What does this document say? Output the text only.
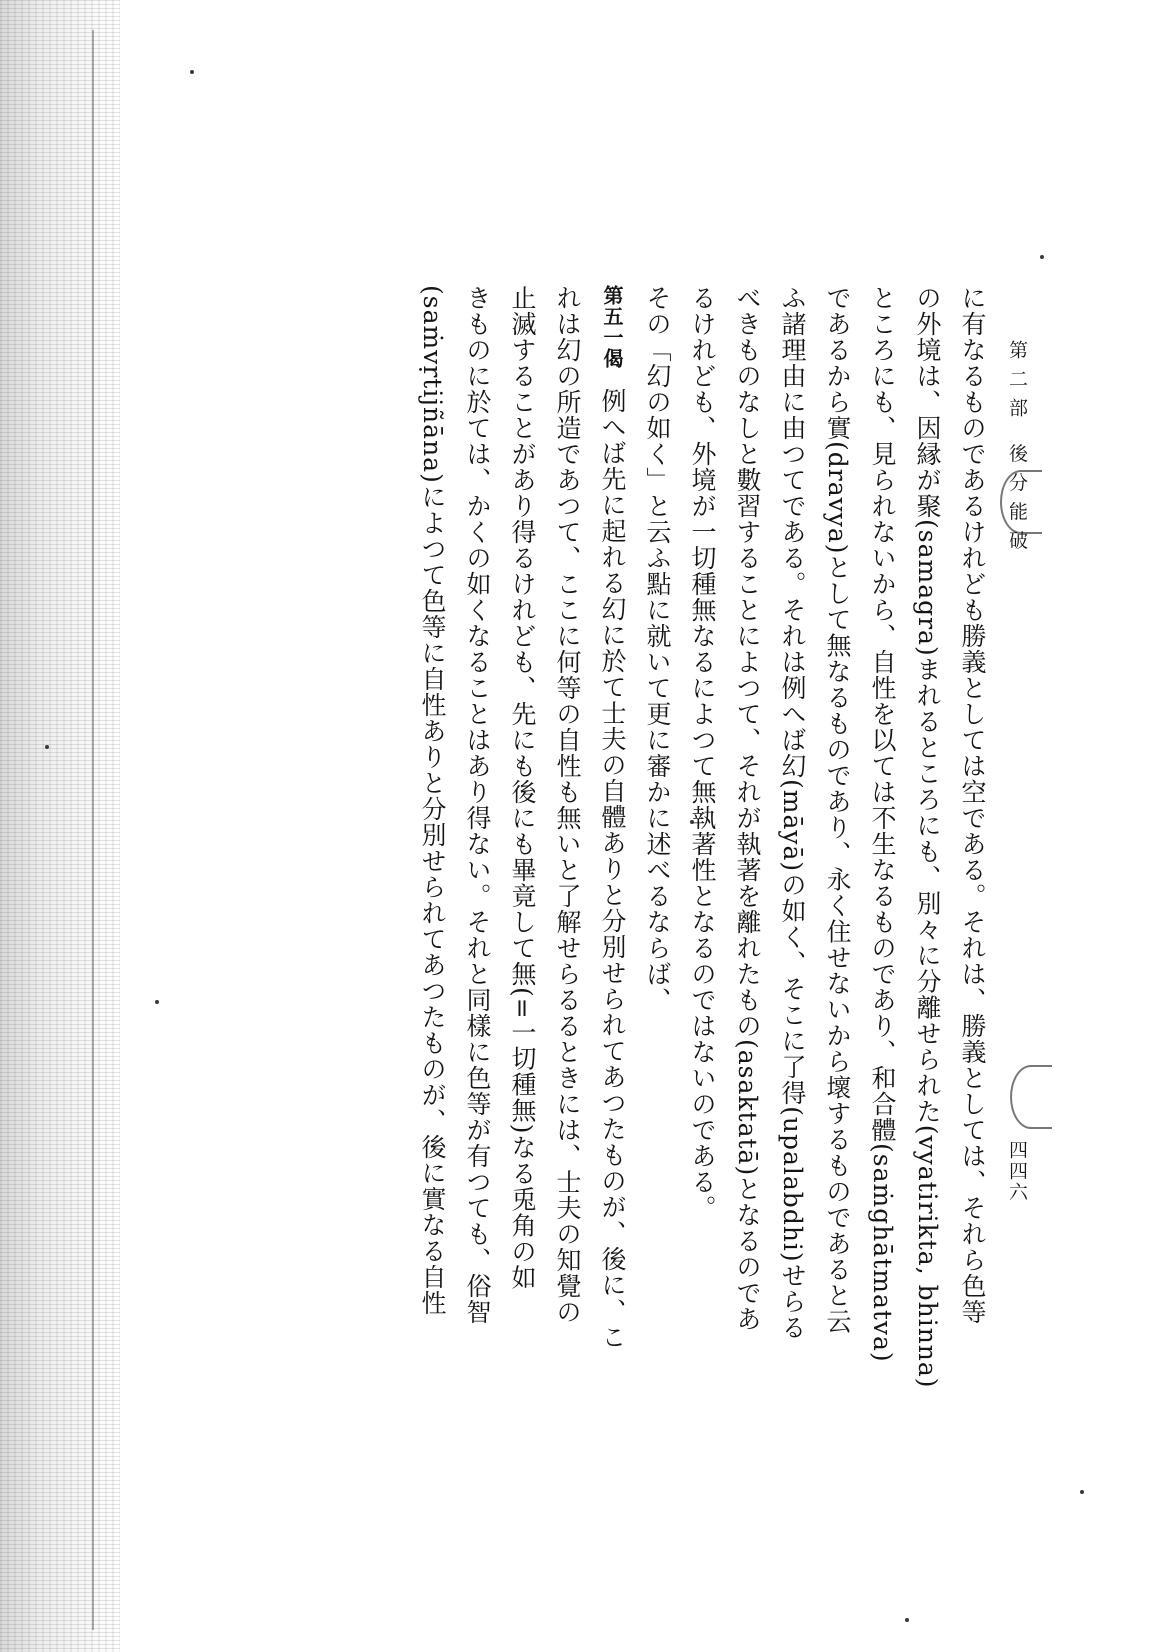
第二部 後分能破
四四六
に有なるものであるけれども勝義としては空である。それは、勝義としては、それら色等
の外境は、因縁が聚(samagra)まれるところにも、別々に分離せられた(vyatirikta, bhinna)
ところにも、見られないから、自性を以ては不生なるものであり、和合體(saṁghātmatva)
であるから實(dravya)として無なるものであり、永く住せないから壞するものであると云
ふ諸理由に由つてである。それは例へば幻(māyā)の如く、そこに了得(upalabdhi)せらる
べきものなしと數習することによつて、それが執著を離れたもの(asaktatā)となるのであ
るけれども、外境が一切種無なるによつて無執著性となるのではないのである。
その「幻の如く」と云ふ點に就いて更に審かに述べるならば、
第五一偈 例へば先に起れる幻に於て士夫の自體ありと分別せられてあつたものが、後に、こ
れは幻の所造であつて、ここに何等の自性も無いと了解せらるるときには、士夫の知覺の
止滅することがあり得るけれども、先にも後にも畢竟して無(=一切種無)なる兎角の如
きものに於ては、かくの如くなることはあり得ない。それと同樣に色等が有つても、俗智
(saṁvṛtijñāna)によつて色等に自性ありと分別せられてあつたものが、後に實なる自性
